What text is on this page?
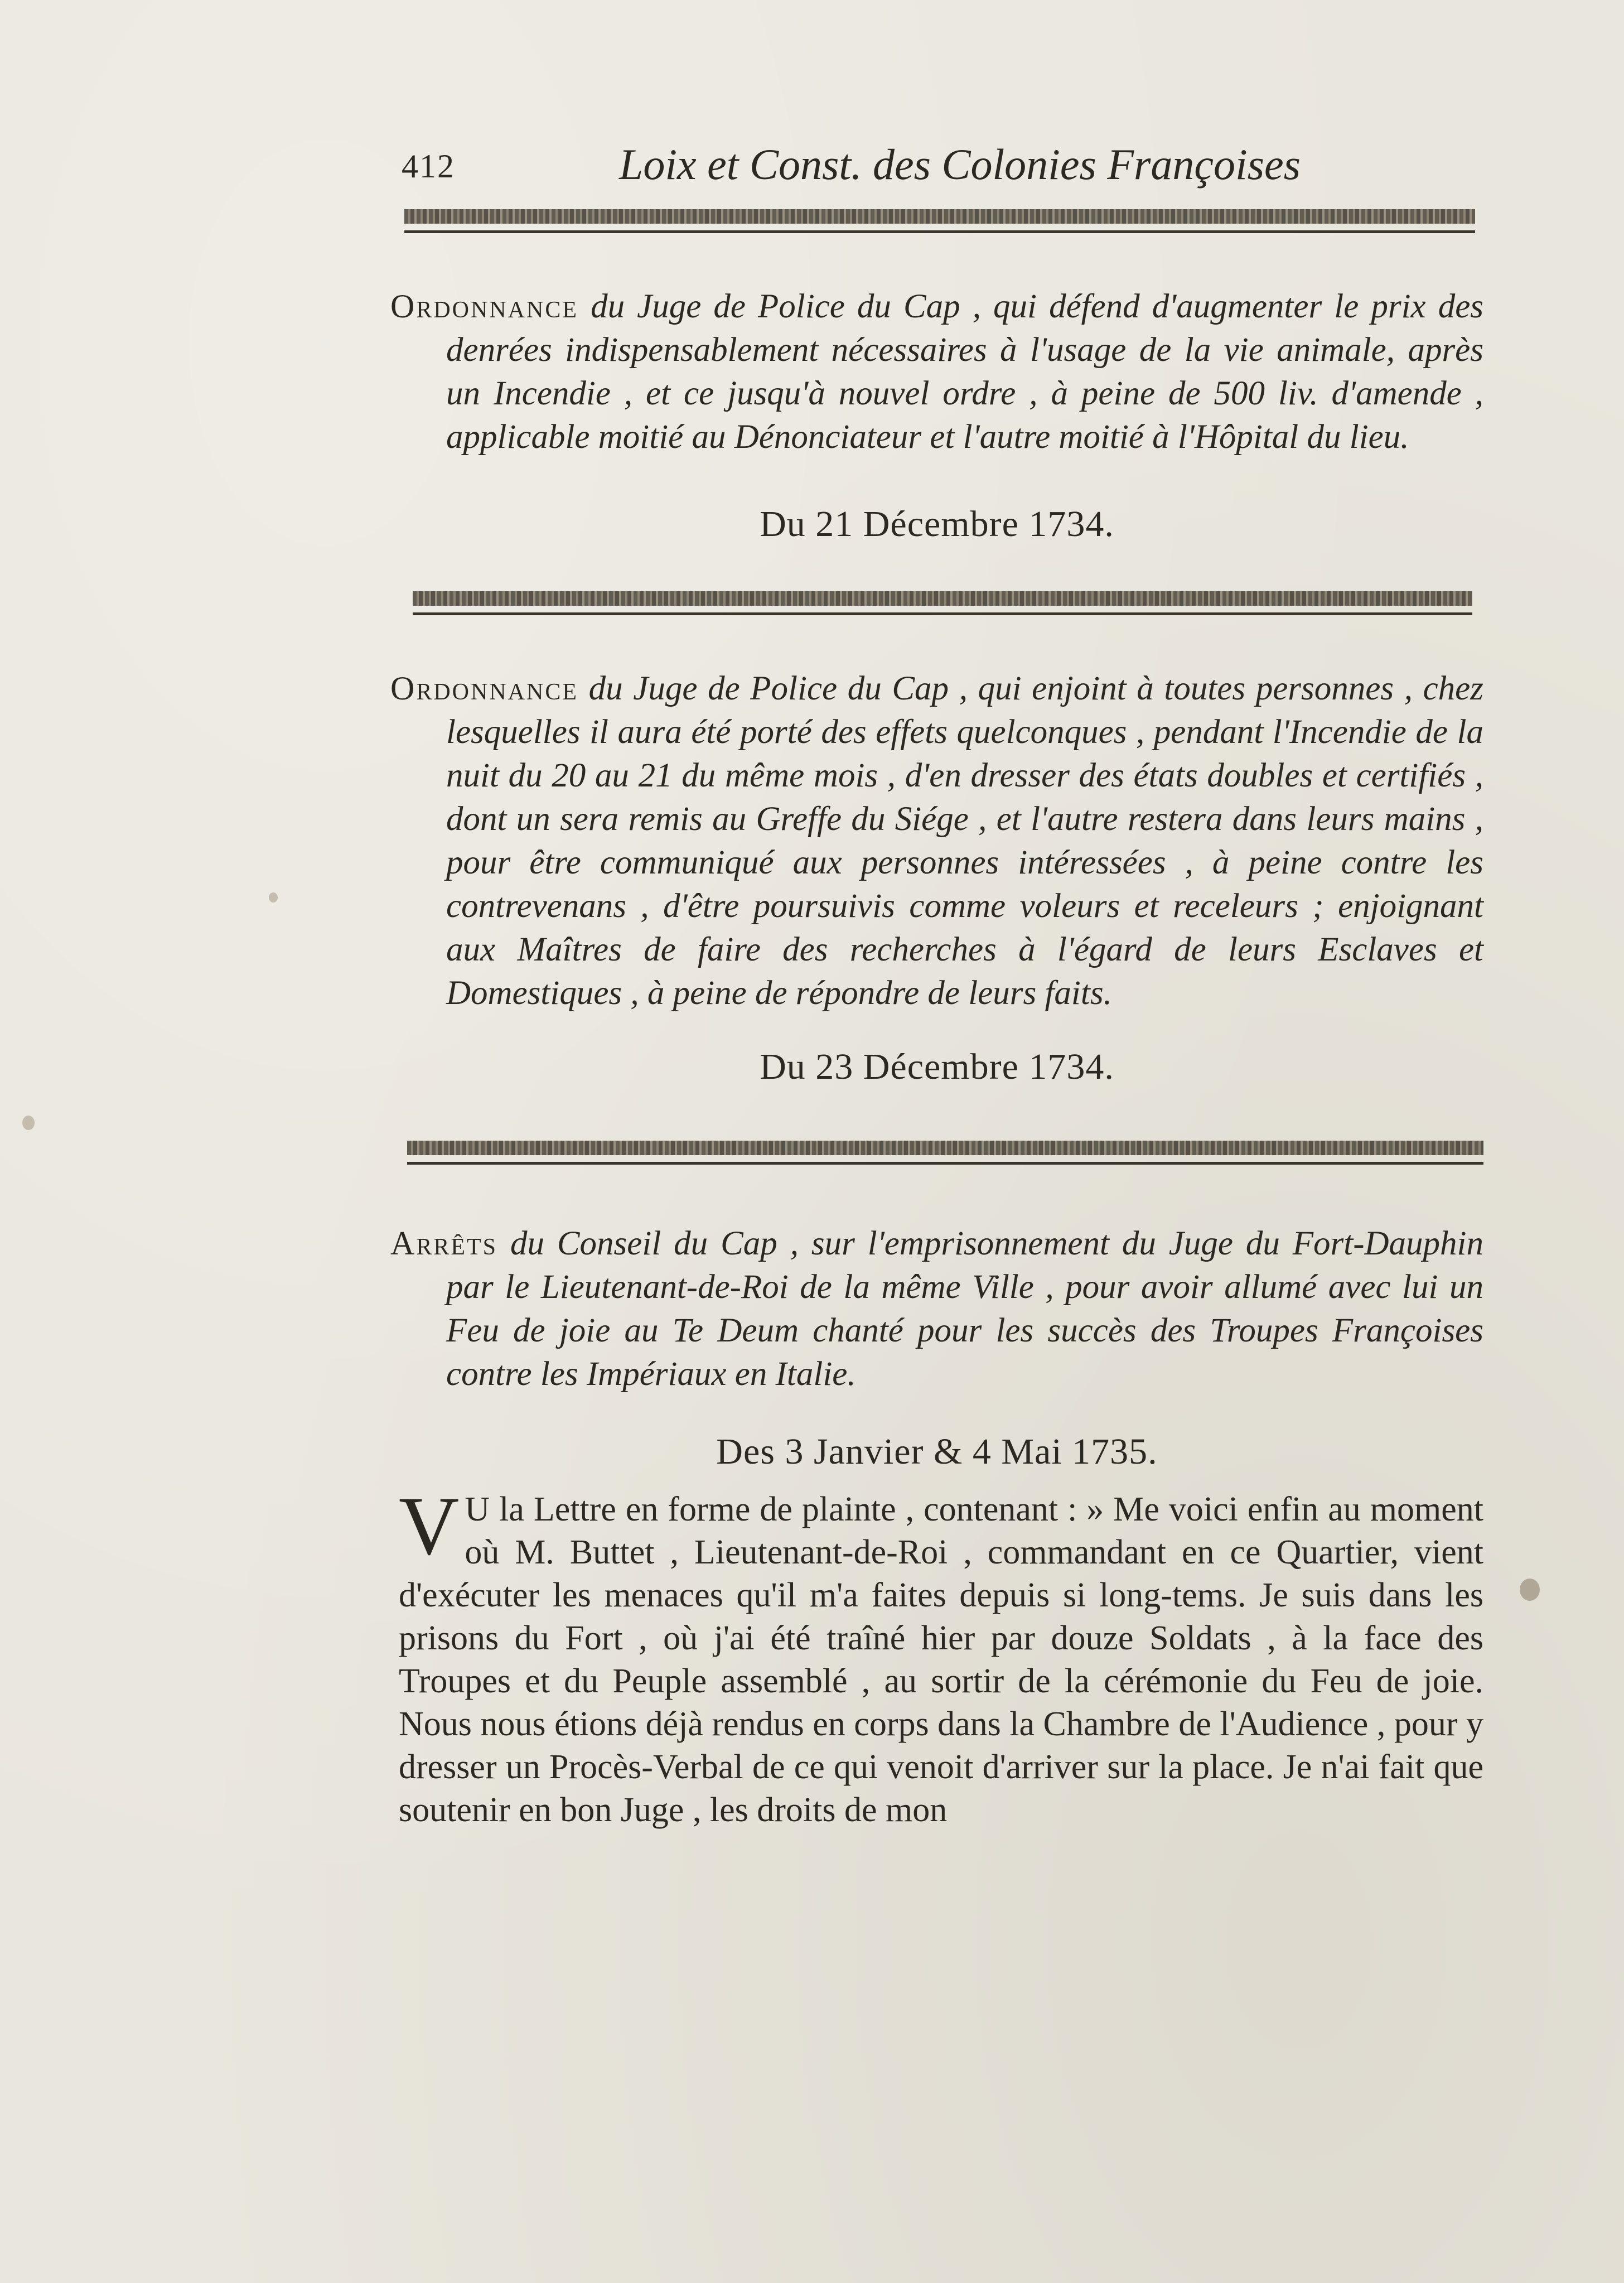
412	Loix et Const. des Colonies Françoises

Ordonnance du Juge de Police du Cap , qui défend d'augmenter le prix des denrées indispensablement nécessaires à l'usage de la vie animale, après un Incendie , et ce jusqu'à nouvel ordre , à peine de 500 liv. d'amende , applicable moitié au Dénonciateur et l'autre moitié à l'Hôpital du lieu.

Du 21 Décembre 1734.

Ordonnance du Juge de Police du Cap , qui enjoint à toutes personnes , chez lesquelles il aura été porté des effets quelconques , pendant l'Incendie de la nuit du 20 au 21 du même mois , d'en dresser des états doubles et certifiés , dont un sera remis au Greffe du Siége , et l'autre restera dans leurs mains , pour être communiqué aux personnes intéressées , à peine contre les contrevenans , d'être poursuivis comme voleurs et receleurs ; enjoignant aux Maîtres de faire des recherches à l'égard de leurs Esclaves et Domestiques , à peine de répondre de leurs faits.

Du 23 Décembre 1734.

Arrêts du Conseil du Cap , sur l'emprisonnement du Juge du Fort-Dauphin par le Lieutenant-de-Roi de la même Ville , pour avoir allumé avec lui un Feu de joie au Te Deum chanté pour les succès des Troupes Françoises contre les Impériaux en Italie.

Des 3 Janvier & 4 Mai 1735.
V U la Lettre en forme de plainte , contenant : » Me voici enfin au moment où M. Buttet , Lieutenant-de-Roi , commandant en ce Quartier, vient d'exécuter les menaces qu'il m'a faites depuis si long-tems. Je suis dans les prisons du Fort , où j'ai été traîné hier par douze Soldats , à la face des Troupes et du Peuple assemblé , au sortir de la cérémonie du Feu de joie. Nous nous étions déjà rendus en corps dans la Chambre de l'Audience , pour y dresser un Procès-Verbal de ce qui venoit d'arriver sur la place. Je n'ai fait que soutenir en bon Juge , les droits de mon
